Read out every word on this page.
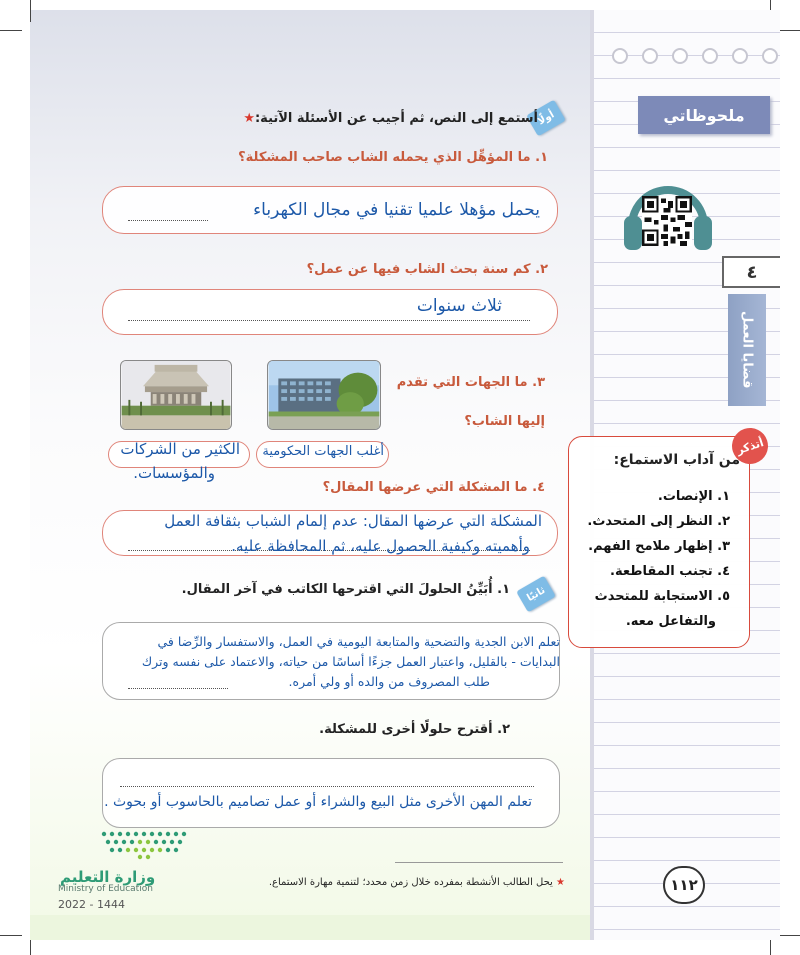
ملحوظاتي
٤
قضايا العمل
أتذكر
من آداب الاستماع:
١. الإنصات.
٢. النظر إلى المتحدث.
٣. إظهار ملامح الفهم.
٤. تجنب المقاطعة.
٥. الاستجابة للمتحدث
والتفاعل معه.
١١٢
أولًا
أستمع إلى النص، ثم أجيب عن الأسئلة الآتية:★
١. ما المؤهِّل الذي يحمله الشاب صاحب المشكلة؟
يحمل مؤهلا علميا تقنيا في مجال الكهرباء
٢. كم سنة بحث الشاب فيها عن عمل؟
ثلاث سنوات
٣. ما الجهات التي تقدم
إليها الشاب؟
أغلب الجهات الحكومية
الكثير من الشركات
والمؤسسات.
٤. ما المشكلة التي عرضها المقال؟
المشكلة التي عرضها المقال: عدم إلمام الشباب بثقافة العمل
وأهميته وكيفية الحصول عليه، ثم المحافظة عليه.
ثانيًا
١. أُبَيِّنُ الحلولَ التي اقترحها الكاتب في آخر المقال.
تعلم الابن الجدية والتضحية والمتابعة اليومية في العمل، والاستفسار والرِّضا في
البدايات - بالقليل، واعتبار العمل جزءًا أساسًا من حياته، والاعتماد على نفسه وترك
طلب المصروف من والده أو ولي أمره.
٢. أقترح حلولًا أخرى للمشكلة.
تعلم المهن الأخرى مثل البيع والشراء أو عمل تصاميم بالحاسوب أو بحوث .
★ يحل الطالب الأنشطة بمفرده خلال زمن محدد؛ لتنمية مهارة الاستماع.
وزارة التعليم
Ministry of Education
2022 - 1444
